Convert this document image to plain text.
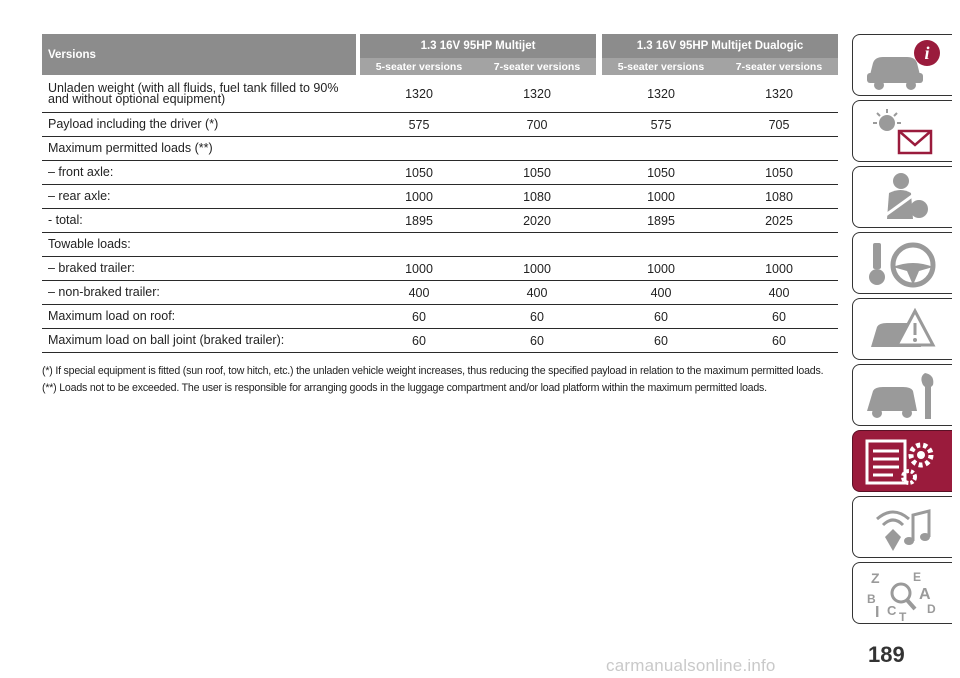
Versions		1.3 16V 95HP Multijet			1.3 16V 95HP Multijet Dualogic	
		5-seater versions	7-seater versions		5-seater versions	7-seater versions
Unladen weight (with all fluids, fuel tank filled to 90% and without optional equipment)		1320	1320		1320	1320
Payload including the driver (*)		575	700		575	705
Maximum permitted loads (**)						
– front axle:		1050	1050		1050	1050
– rear axle:		1000	1080		1000	1080
- total:		1895	2020		1895	2025
Towable loads:						
– braked trailer:		1000	1000		1000	1000
– non-braked trailer:		400	400		400	400
Maximum load on roof:		60	60		60	60
Maximum load on ball joint (braked trailer):		60	60		60	60

(*) If special equipment is fitted (sun roof, tow hitch, etc.) the unladen vehicle weight increases, thus reducing the specified payload in relation to the maximum permitted loads.

(**) Loads not to be exceeded. The user is responsible for arranging goods in the luggage compartment and/or load platform within the maximum permitted loads.

i
Z	E
B	A
I C	D
T
189
carmanualsonline.info
